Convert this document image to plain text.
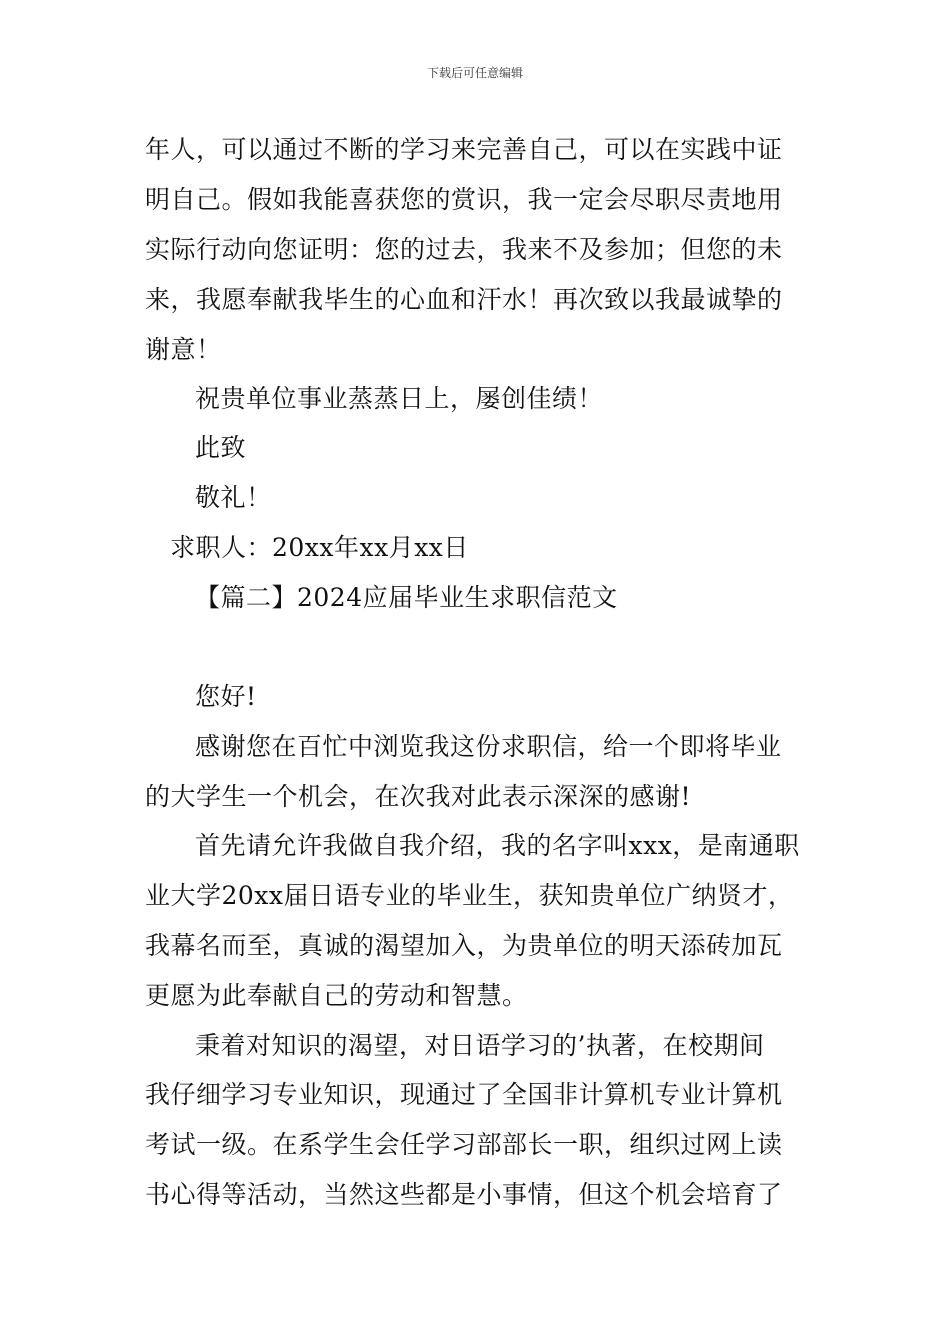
下载后可任意编辑
年人，可以通过不断的学习来完善自己，可以在实践中证
明自己。假如我能喜获您的赏识，我一定会尽职尽责地用
实际行动向您证明：您的过去，我来不及参加；但您的未
来，我愿奉献我毕生的心血和汗水！再次致以我最诚挚的
谢意！
祝贵单位事业蒸蒸日上，屡创佳绩！
此致
敬礼！
求职人：20xx年xx月xx日
【篇二】2024应届毕业生求职信范文
您好!
感谢您在百忙中浏览我这份求职信，给一个即将毕业
的大学生一个机会，在次我对此表示深深的感谢!
首先请允许我做自我介绍，我的名字叫xxx，是南通职
业大学20xx届日语专业的毕业生，获知贵单位广纳贤才，
我幕名而至，真诚的渴望加入，为贵单位的明天添砖加瓦
更愿为此奉献自己的劳动和智慧。
秉着对知识的渴望，对日语学习的’执著，在校期间
我仔细学习专业知识，现通过了全国非计算机专业计算机
考试一级。在系学生会任学习部部长一职，组织过网上读
书心得等活动，当然这些都是小事情，但这个机会培育了
